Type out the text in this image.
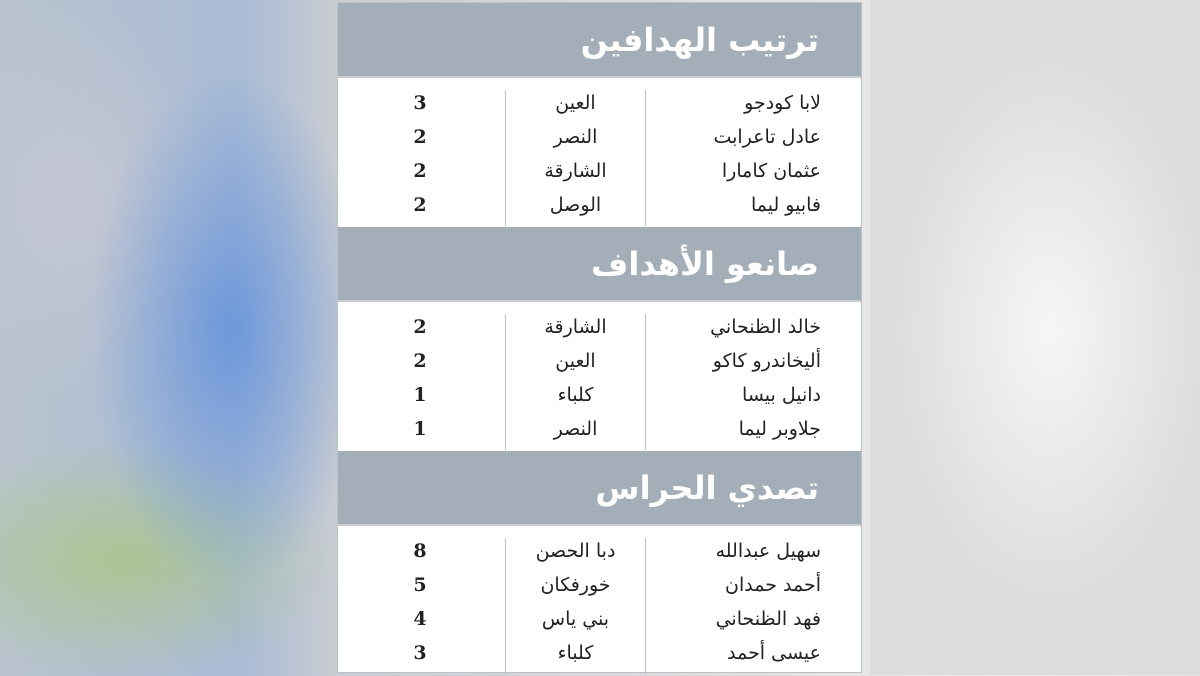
ترتيب الهدافين
3	العين	لابا كودجو
2	النصر	عادل تاعرابت
2	الشارقة	عثمان كامارا
2	الوصل	فابيو ليما
صانعو الأهداف
2	الشارقة	خالد الظنحاني
2	العين	أليخاندرو كاكو
1	كلباء	دانيل بيسا
1	النصر	جلاوبر ليما
تصدي الحراس
8	دبا الحصن	سهيل عبدالله
5	خورفكان	أحمد حمدان
4	بني ياس	فهد الظنحاني
3	كلباء	عيسى أحمد
